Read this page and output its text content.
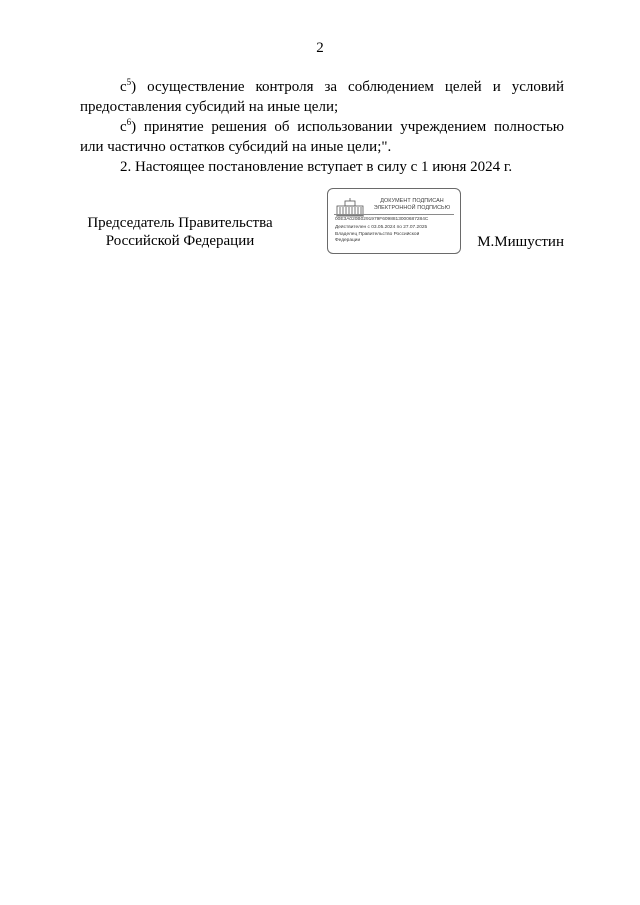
2

$с^5$) осуществление контроля за соблюдением целей и условий

предоставления субсидий на иные цели;

$с^6$) принятие решения об использовании учреждением полностью

или частично остатков субсидий на иные цели;".

2. Настоящее постановление вступает в силу с 1 июня 2024 г.

Председатель Правительства
Российской Федерации	М.Мишустин
ДОКУМЕНТ ПОДПИСАН
ЭЛЕКТРОННОЙ ПОДПИСЬЮ
00E3A020B0291979F6098813000687284C
Действителен с 03.05.2024 по 27.07.2025
Владелец Правительство Российской
Федерации
